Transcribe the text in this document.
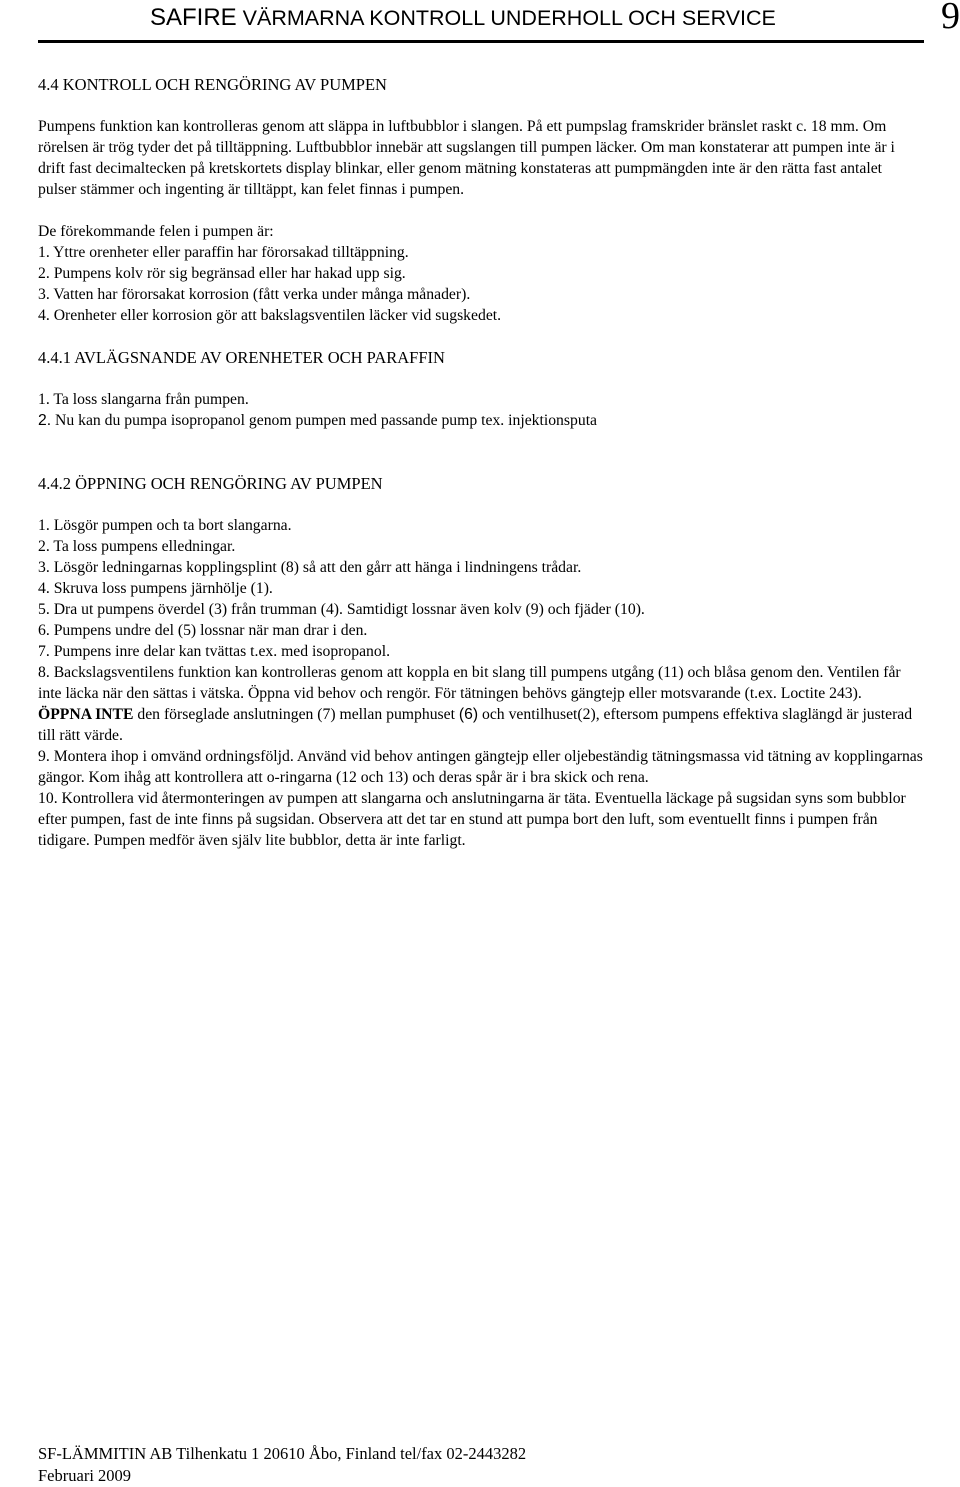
SAFIRE VÄRMARNA KONTROLL UNDERHOLL OCH SERVICE	9
4.4 KONTROLL OCH RENGÖRING AV PUMPEN

Pumpens funktion kan kontrolleras genom att släppa in luftbubblor i slangen. På ett pumpslag framskrider bränslet raskt c. 18 mm. Om rörelsen är trög tyder det på tilltäppning. Luftbubblor innebär att sugslangen till pumpen läcker. Om man konstaterar att pumpen inte är i drift fast decimaltecken på kretskortets display blinkar, eller genom mätning konstateras att pumpmängden inte är den rätta fast antalet pulser stämmer och ingenting är tilltäppt, kan felet finnas i pumpen.

De förekommande felen i pumpen är:

1. Yttre orenheter eller paraffin har förorsakad tilltäppning.

2. Pumpens kolv rör sig begränsad eller har hakad upp sig.

3. Vatten har förorsakat korrosion (fått verka under många månader).

4. Orenheter eller korrosion gör att bakslagsventilen läcker vid sugskedet.

4.4.1 AVLÄGSNANDE AV ORENHETER OCH PARAFFIN

1. Ta loss slangarna från pumpen.

2. Nu kan du pumpa isopropanol genom pumpen med passande pump tex. injektionsputa

4.4.2 ÖPPNING OCH RENGÖRING AV PUMPEN

1. Lösgör pumpen och ta bort slangarna.

2. Ta loss pumpens elledningar.

3. Lösgör ledningarnas kopplingsplint (8) så att den gårr att hänga i lindningens trådar.

4. Skruva loss pumpens järnhölje (1).

5. Dra ut pumpens överdel (3) från trumman (4). Samtidigt lossnar även kolv (9) och fjäder (10).

6. Pumpens undre del (5) lossnar när man drar i den.

7. Pumpens inre delar kan tvättas t.ex. med isopropanol.

8. Backslagsventilens funktion kan kontrolleras genom att koppla en bit slang till pumpens utgång (11) och blåsa genom den. Ventilen får inte läcka när den sättas i vätska. Öppna vid behov och rengör. För tätningen behövs gängtejp eller motsvarande (t.ex. Loctite 243).

ÖPPNA INTE den förseglade anslutningen (7) mellan pumphuset (6) och ventilhuset(2), eftersom pumpens effektiva slaglängd är justerad till rätt värde.

9. Montera ihop i omvänd ordningsföljd. Använd vid behov antingen gängtejp eller oljebeständig tätningsmassa vid tätning av kopplingarnas gängor. Kom ihåg att kontrollera att o-ringarna (12 och 13) och deras spår är i bra skick och rena.

10. Kontrollera vid återmonteringen av pumpen att slangarna och anslutningarna är täta. Eventuella läckage på sugsidan syns som bubblor efter pumpen, fast de inte finns på sugsidan. Observera att det tar en stund att pumpa bort den luft, som eventuellt finns i pumpen från tidigare. Pumpen medför även själv lite bubblor, detta är inte farligt.

SF-LÄMMITIN AB Tilhenkatu 1 20610 Åbo, Finland tel/fax 02-2443282
Februari 2009
